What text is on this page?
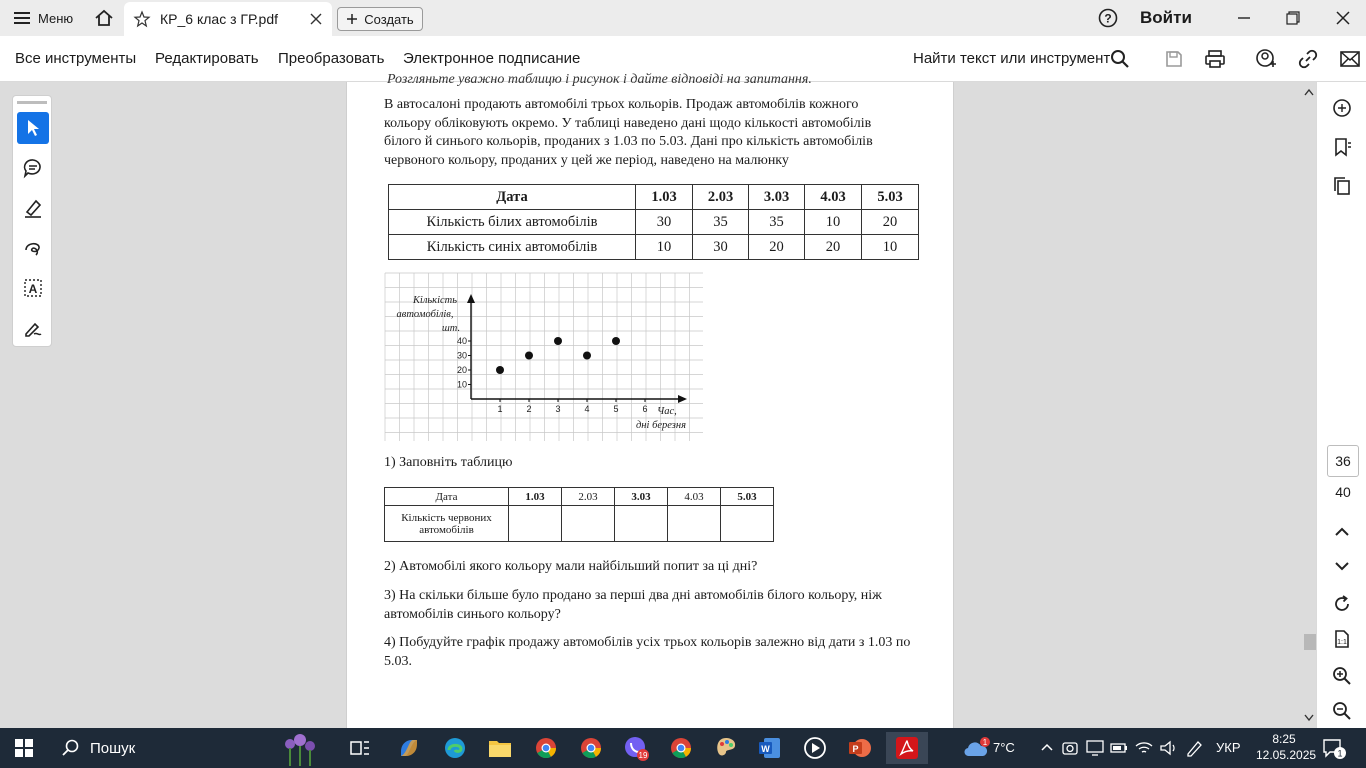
Меню	КР_6 клас з ГР.pdf	Создать	? Войти
Все инструменты Редактировать Преобразовать Электронное подписание	Найти текст или инструмент
Розгляньте уважно таблицю і рисунок і дайте відповіді на запитання.
В автосалоні продають автомобілі трьох кольорів. Продаж автомобілів кожного кольору обліковують окремо. У таблиці наведено дані щодо кількості автомобілів білого й синього кольорів, проданих з 1.03 по 5.03. Дані про кількість автомобілів червоного кольору, проданих у цей же період, наведено на малюнку
Дата	1.03	2.03	3.03	4.03	5.03
Кількість білих автомобілів	30	35	35	10	20
Кількість синіх автомобілів	10	30	20	20	10
Кількість
автомобілів,
шт.
Час,
дні березня
10
20
30
40
1	2	3	4	5	6
1) Заповніть таблицю
Дата	1.03	2.03	3.03	4.03	5.03
Кількість червоних автомобілів					
2) Автомобілі якого кольору мали найбільший попит за ці дні?
3) На скільки більше було продано за перші два дні автомобілів білого кольору, ніж автомобілів синього кольору?
4) Побудуйте графік продажу автомобілів усіх трьох кольорів залежно від дати з 1.03 по 5.03.
A
36
40
1:1
Пошук	19
W	P
1 7°C	УКР
8:25
12.05.2025 1
